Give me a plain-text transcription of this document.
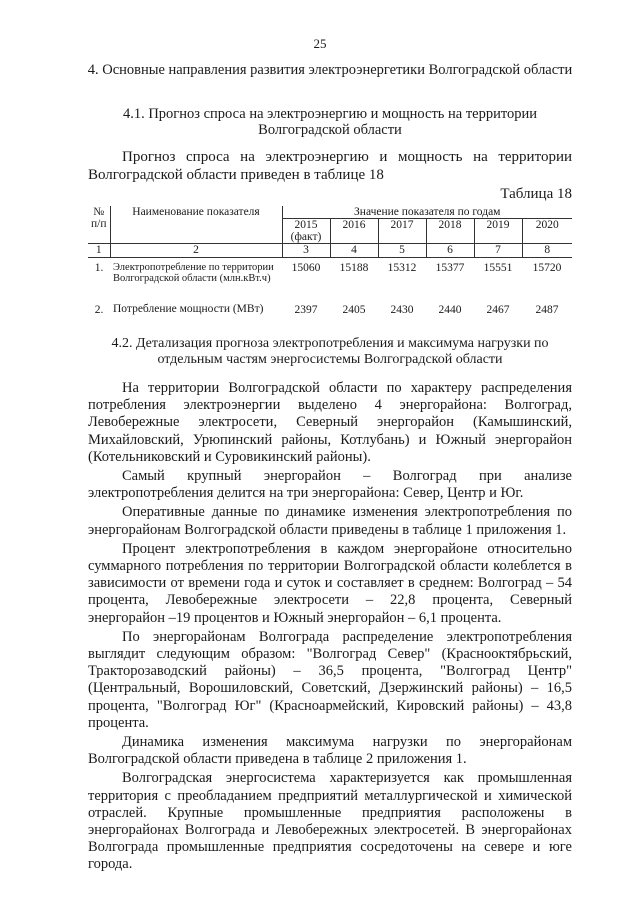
25
4. Основные направления развития электроэнергетики Волгоградской области
4.1. Прогноз спроса на электроэнергию и мощность на территории Волгоградской области
Прогноз спроса на электроэнергию и мощность на территории Волгоградской области приведен в таблице 18
Таблица 18
№ п/п	Наименование показателя	Значение показателя по годам					
		2015 (факт)	2016	2017	2018	2019	2020
1	2	3	4	5	6	7	8
1.	Электропотребление по территории Волгоградской области (млн.кВт.ч)	15060	15188	15312	15377	15551	15720
2.	Потребление мощности (МВт)	2397	2405	2430	2440	2467	2487
4.2. Детализация прогноза электропотребления и максимума нагрузки по отдельным частям энергосистемы Волгоградской области

На территории Волгоградской области по характеру распределения потребления электроэнергии выделено 4 энергорайона: Волгоград, Левобережные электросети, Северный энергорайон (Камышинский, Михайловский, Урюпинский районы, Котлубань) и Южный энергорайон (Котельниковский и Суровикинский районы).

Самый крупный энергорайон – Волгоград при анализе электропотребления делится на три энергорайона: Север, Центр и Юг.

Оперативные данные по динамике изменения электропотребления по энергорайонам Волгоградской области приведены в таблице 1 приложения 1.

Процент электропотребления в каждом энергорайоне относительно суммарного потребления по территории Волгоградской области колеблется в зависимости от времени года и суток и составляет в среднем: Волгоград – 54 процента, Левобережные электросети – 22,8 процента, Северный энергорайон –19 процентов и Южный энергорайон – 6,1 процента.

По энергорайонам Волгограда распределение электропотребления выглядит следующим образом: "Волгоград Север" (Краснооктябрьский, Тракторозаводский районы) – 36,5 процента, "Волгоград Центр" (Центральный, Ворошиловский, Советский, Дзержинский районы) – 16,5 процента, "Волгоград Юг" (Красноармейский, Кировский районы) – 43,8 процента.

Динамика изменения максимума нагрузки по энергорайонам Волгоградской области приведена в таблице 2 приложения 1.

Волгоградская энергосистема характеризуется как промышленная территория с преобладанием предприятий металлургической и химической отраслей. Крупные промышленные предприятия расположены в энергорайонах Волгограда и Левобережных электросетей. В энергорайонах Волгограда промышленные предприятия сосредоточены на севере и юге города.
